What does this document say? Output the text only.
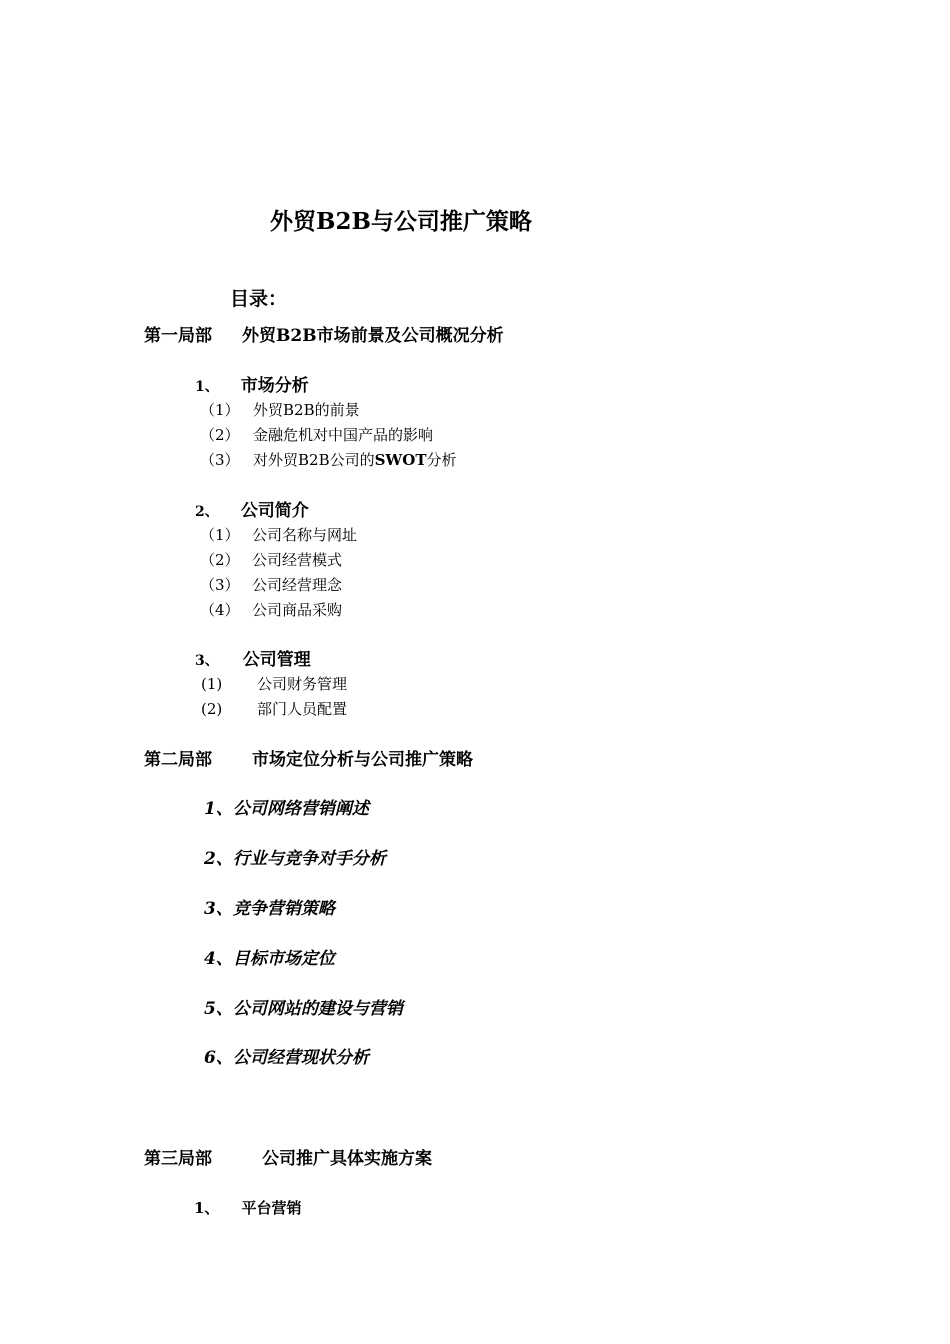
外贸B2B与公司推广策略
目录：
第一局部 外贸B2B市场前景及公司概况分析
1、 市场分析
（1） 外贸B2B的前景
（2） 金融危机对中国产品的影响
（3） 对外贸B2B公司的SWOT分析
2、 公司简介
（1） 公司名称与网址
（2） 公司经营模式
（3） 公司经营理念
（4） 公司商品采购
3、 公司管理
(1) 公司财务管理
(2) 部门人员配置
第二局部 市场定位分析与公司推广策略
1、公司网络营销阐述
2、行业与竞争对手分析
3、竞争营销策略
4、目标市场定位
5、公司网站的建设与营销
6、公司经营现状分析
第三局部	公司推广具体实施方案
1、 平台营销
